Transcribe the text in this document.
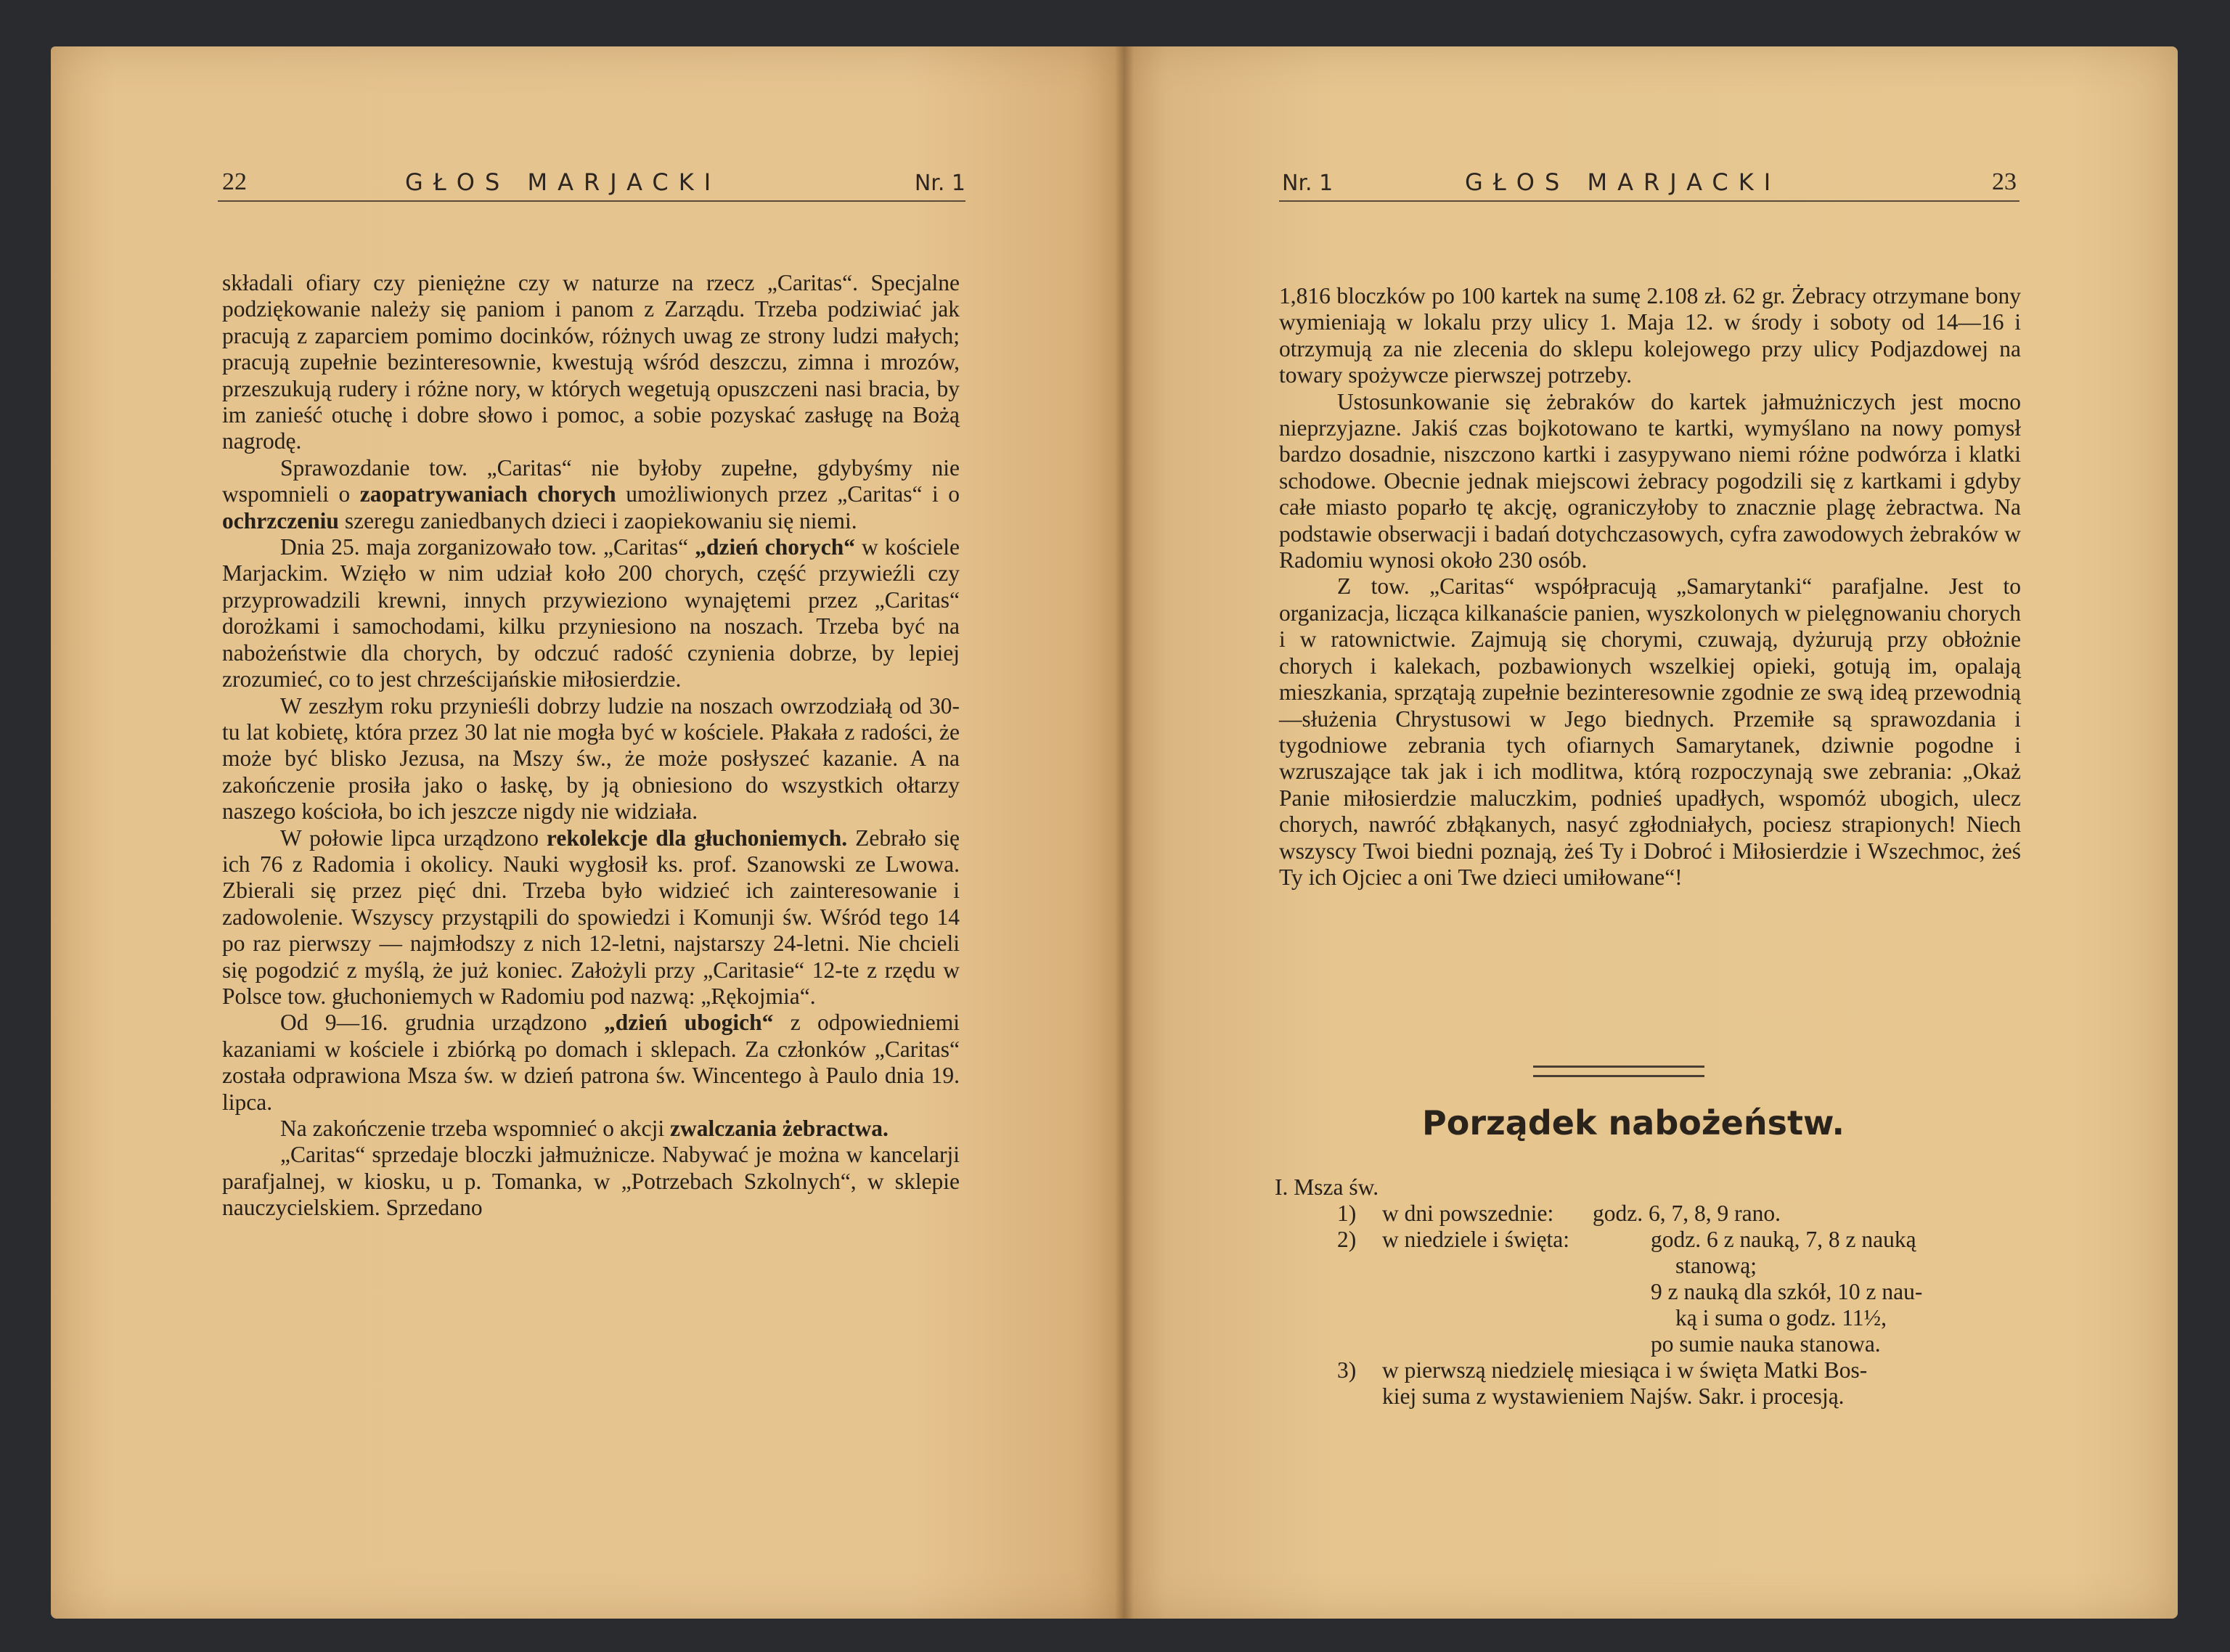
22	GŁOS MARJACKI	Nr. 1	Nr. 1	GŁOS MARJACKI	23

składali ofiary czy pieniężne czy w naturze na rzecz „Caritas“. Specjalne podziękowanie należy się paniom i panom z Zarządu. Trzeba podziwiać jak pracują z zaparciem pomimo docinków, różnych uwag ze strony ludzi małych; pracują zupełnie bezinteresownie, kwestują wśród deszczu, zimna i mrozów, przeszukują rudery i różne nory, w których wegetują opuszczeni nasi bracia, by im zanieść otuchę i dobre słowo i pomoc, a sobie pozyskać zasługę na Bożą nagrodę.

Sprawozdanie tow. „Caritas“ nie byłoby zupełne, gdybyśmy nie wspomnieli o zaopatrywaniach chorych umożliwionych przez „Caritas“ i o ochrzczeniu szeregu zaniedbanych dzieci i zaopiekowaniu się niemi.

Dnia 25. maja zorganizowało tow. „Caritas“ „dzień chorych“ w kościele Marjackim. Wzięło w nim udział koło 200 chorych, część przywieźli czy przyprowadzili krewni, innych przywieziono wynajętemi przez „Caritas“ dorożkami i samochodami, kilku przyniesiono na noszach. Trzeba być na nabożeństwie dla chorych, by odczuć radość czynienia dobrze, by lepiej zrozumieć, co to jest chrześcijańskie miłosierdzie.

W zeszłym roku przynieśli dobrzy ludzie na noszach owrzodziałą od 30-tu lat kobietę, która przez 30 lat nie mogła być w kościele. Płakała z radości, że może być blisko Jezusa, na Mszy św., że może posłyszeć kazanie. A na zakończenie prosiła jako o łaskę, by ją obniesiono do wszystkich ołtarzy naszego kościoła, bo ich jeszcze nigdy nie widziała.

W połowie lipca urządzono rekolekcje dla głuchoniemych. Zebrało się ich 76 z Radomia i okolicy. Nauki wygłosił ks. prof. Szanowski ze Lwowa. Zbierali się przez pięć dni. Trzeba było widzieć ich zainteresowanie i zadowolenie. Wszyscy przystąpili do spowiedzi i Komunji św. Wśród tego 14 po raz pierwszy — najmłodszy z nich 12-letni, najstarszy 24-letni. Nie chcieli się pogodzić z myślą, że już koniec. Założyli przy „Caritasie“ 12-te z rzędu w Polsce tow. głuchoniemych w Radomiu pod nazwą: „Rękojmia“.

Od 9—16. grudnia urządzono „dzień ubogich“ z odpowiedniemi kazaniami w kościele i zbiórką po domach i sklepach. Za członków „Caritas“ została odprawiona Msza św. w dzień patrona św. Wincentego à Paulo dnia 19. lipca.

Na zakończenie trzeba wspomnieć o akcji zwalczania żebractwa.

„Caritas“ sprzedaje bloczki jałmużnicze. Nabywać je można w kancelarji parafjalnej, w kiosku, u p. Tomanka, w „Potrzebach Szkolnych“, w sklepie nauczycielskiem. Sprzedano

1,816 bloczków po 100 kartek na sumę 2.108 zł. 62 gr. Żebracy otrzymane bony wymieniają w lokalu przy ulicy 1. Maja 12. w środy i soboty od 14—16 i otrzymują za nie zlecenia do sklepu kolejowego przy ulicy Podjazdowej na towary spożywcze pierwszej potrzeby.

Ustosunkowanie się żebraków do kartek jałmużniczych jest mocno nieprzyjazne. Jakiś czas bojkotowano te kartki, wymyślano na nowy pomysł bardzo dosadnie, niszczono kartki i zasypywano niemi różne podwórza i klatki schodowe. Obecnie jednak miejscowi żebracy pogodzili się z kartkami i gdyby całe miasto poparło tę akcję, ograniczyłoby to znacznie plagę żebractwa. Na podstawie obserwacji i badań dotychczasowych, cyfra zawodowych żebraków w Radomiu wynosi około 230 osób.

Z tow. „Caritas“ współpracują „Samarytanki“ parafjalne. Jest to organizacja, licząca kilkanaście panien, wyszkolonych w pielęgnowaniu chorych i w ratownictwie. Zajmują się chorymi, czuwają, dyżurują przy obłożnie chorych i kalekach, pozbawionych wszelkiej opieki, gotują im, opalają mieszkania, sprzątają zupełnie bezinteresownie zgodnie ze swą ideą przewodnią —służenia Chrystusowi w Jego biednych. Przemiłe są sprawozdania i tygodniowe zebrania tych ofiarnych Samarytanek, dziwnie pogodne i wzruszające tak jak i ich modlitwa, którą rozpoczynają swe zebrania: „Okaż Panie miłosierdzie maluczkim, podnieś upadłych, wspomóż ubogich, ulecz chorych, nawróć zbłąkanych, nasyć zgłodniałych, pociesz strapionych! Niech wszyscy Twoi biedni poznają, żeś Ty i Dobroć i Miłosierdzie i Wszechmoc, żeś Ty ich Ojciec a oni Twe dzieci umiłowane“!

Porządek nabożeństw.
I. Msza św.
1) w dni powszednie: godz. 6, 7, 8, 9 rano.
2) w niedziele i święta:	godz. 6 z nauką, 7, 8 z nauką
stanową;
9 z nauką dla szkół, 10 z nau-
ką i suma o godz. 11½,
po sumie nauka stanowa.
3) w pierwszą niedzielę miesiąca i w święta Matki Bos-
kiej suma z wystawieniem Najśw. Sakr. i procesją.
